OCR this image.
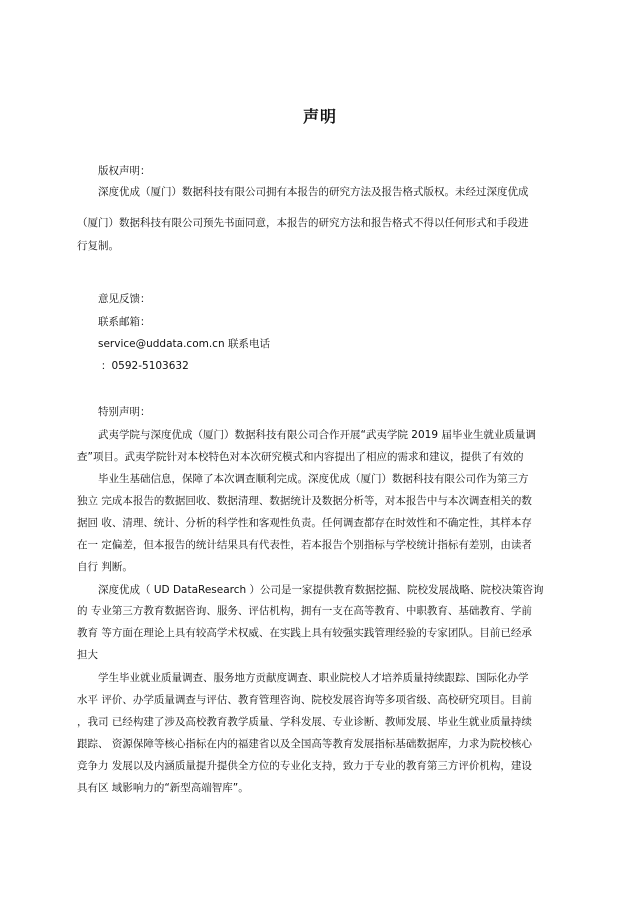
声明
版权声明：
深度优成（厦门）数据科技有限公司拥有本报告的研究方法及报告格式版权。未经过深度优成
（厦门）数据科技有限公司预先书面同意，本报告的研究方法和报告格式不得以任何形式和手段进
行复制。
意见反馈：
联系邮箱：
service@uddata.com.cn 联系电话
：0592-5103632
特别声明：
武夷学院与深度优成（厦门）数据科技有限公司合作开展“武夷学院 2019 届毕业生就业质量调
查”项目。武夷学院针对本校特色对本次研究模式和内容提出了相应的需求和建议，提供了有效的
毕业生基础信息，保障了本次调查顺利完成。深度优成（厦门）数据科技有限公司作为第三方
独立 完成本报告的数据回收、数据清理、数据统计及数据分析等，对本报告中与本次调查相关的数
据回 收、清理、统计、分析的科学性和客观性负责。任何调查都存在时效性和不确定性，其样本存
在一 定偏差，但本报告的统计结果具有代表性，若本报告个别指标与学校统计指标有差别，由读者
自行 判断。
深度优成（ UD DataResearch ）公司是一家提供教育数据挖掘、院校发展战略、院校决策咨询
的 专业第三方教育数据咨询、服务、评估机构，拥有一支在高等教育、中职教育、基础教育、学前
教育 等方面在理论上具有较高学术权威、在实践上具有较强实践管理经验的专家团队。目前已经承
担大
学生毕业就业质量调查、服务地方贡献度调查、职业院校人才培养质量持续跟踪、国际化办学
水平 评价、办学质量调查与评估、教育管理咨询、院校发展咨询等多项省级、高校研究项目。目前
，我司 已经构建了涉及高校教育教学质量、学科发展、专业诊断、教师发展、毕业生就业质量持续
跟踪、 资源保障等核心指标在内的福建省以及全国高等教育发展指标基础数据库，力求为院校核心
竞争力 发展以及内涵质量提升提供全方位的专业化支持，致力于专业的教育第三方评价机构，建设
具有区 域影响力的“新型高端智库”。
